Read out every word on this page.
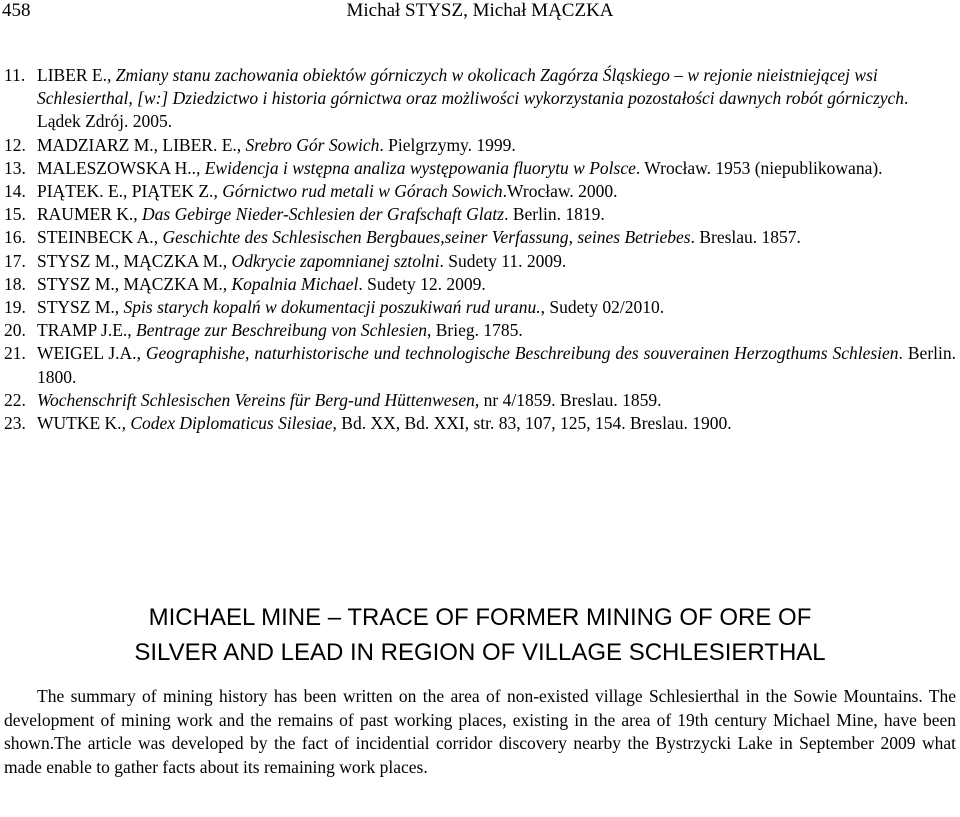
458	Michał STYSZ, Michał MĄCZKA

11. LIBER E., Zmiany stanu zachowania obiektów górniczych w okolicach Zagórza Śląskiego – w rejonie nieistniejącej wsi Schlesierthal, [w:] Dziedzictwo i historia górnictwa oraz możliwości wykorzystania pozostałości dawnych robót górniczych. Lądek Zdrój. 2005.

12. MADZIARZ M., LIBER. E., Srebro Gór Sowich. Pielgrzymy. 1999.

13. MALESZOWSKA H.., Ewidencja i wstępna analiza występowania fluorytu w Polsce. Wrocław. 1953 (niepublikowana).

14. PIĄTEK. E., PIĄTEK Z., Górnictwo rud metali w Górach Sowich.Wrocław. 2000.

15. RAUMER K., Das Gebirge Nieder-Schlesien der Grafschaft Glatz. Berlin. 1819.

16. STEINBECK A., Geschichte des Schlesischen Bergbaues,seiner Verfassung, seines Betriebes. Breslau. 1857.

17. STYSZ M., MĄCZKA M., Odkrycie zapomnianej sztolni. Sudety 11. 2009.

18. STYSZ M., MĄCZKA M., Kopalnia Michael. Sudety 12. 2009.

19. STYSZ M., Spis starych kopalń w dokumentacji poszukiwań rud uranu., Sudety 02/2010.

20. TRAMP J.E., Bentrage zur Beschreibung von Schlesien, Brieg. 1785.

21. WEIGEL J.A., Geographishe, naturhistorische und technologische Beschreibung des souverainen Herzogthums Schlesien. Berlin. 1800.

22. Wochenschrift Schlesischen Vereins für Berg-und Hüttenwesen, nr 4/1859. Breslau. 1859.

23. WUTKE K., Codex Diplomaticus Silesiae, Bd. XX, Bd. XXI, str. 83, 107, 125, 154. Breslau. 1900.

MICHAEL MINE – TRACE OF FORMER MINING OF ORE OF
SILVER AND LEAD IN REGION OF VILLAGE SCHLESIERTHAL

The summary of mining history has been written on the area of non-existed village Schlesierthal in the Sowie Mountains. The development of mining work and the remains of past working places, existing in the area of 19th century Michael Mine, have been shown.The article was developed by the fact of incidential corridor discovery nearby the Bystrzycki Lake in September 2009 what made enable to gather facts about its remaining work places.
